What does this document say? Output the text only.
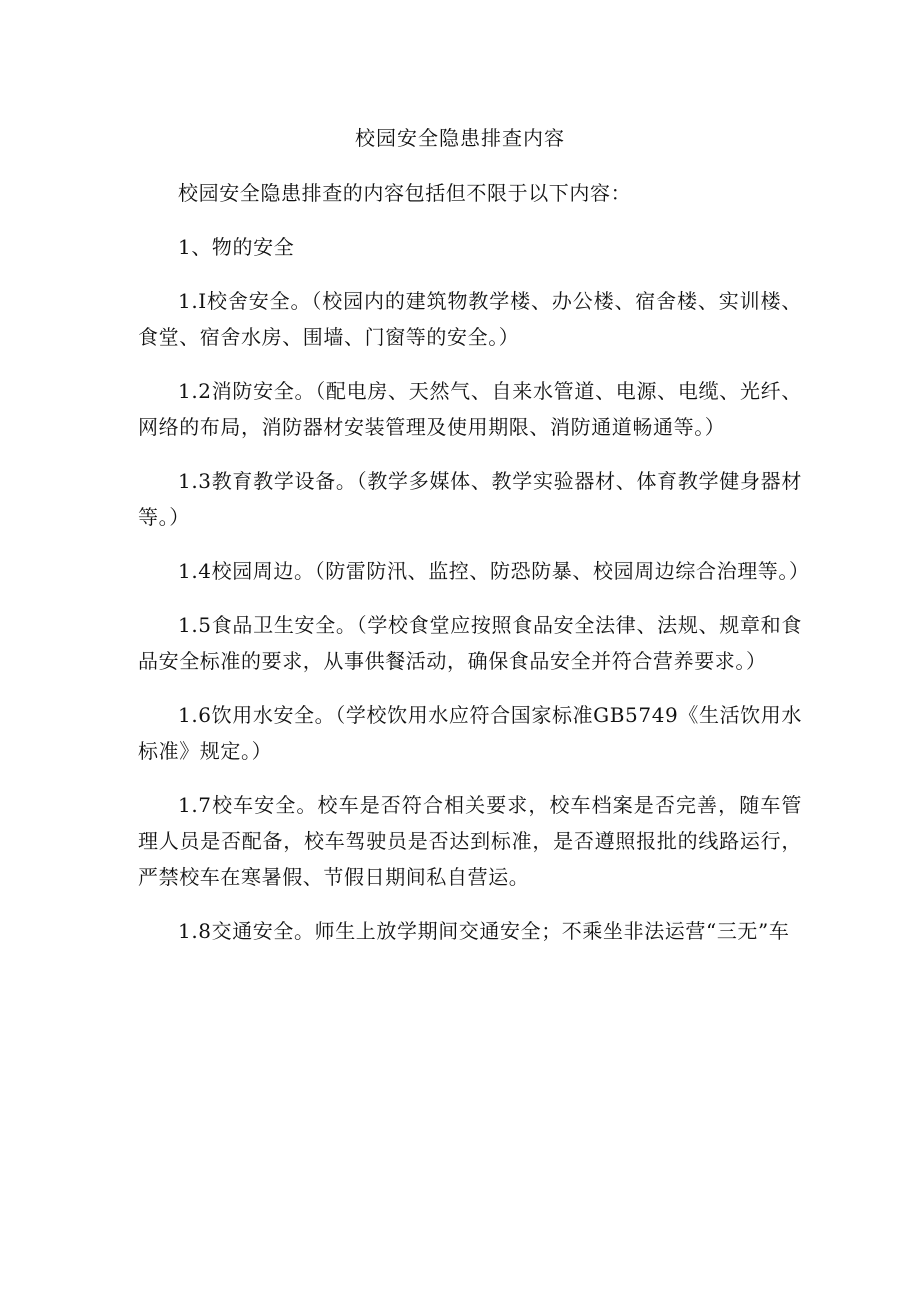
校园安全隐患排查内容

校园安全隐患排查的内容包括但不限于以下内容：

1、物的安全

1.I校舍安全。（校园内的建筑物教学楼、办公楼、宿舍楼、实训楼、食堂、宿舍水房、围墙、门窗等的安全。）

1.2消防安全。（配电房、天然气、自来水管道、电源、电缆、光纤、网络的布局，消防器材安装管理及使用期限、消防通道畅通等。）

1.3教育教学设备。（教学多媒体、教学实验器材、体育教学健身器材等。）

1.4校园周边。（防雷防汛、监控、防恐防暴、校园周边综合治理等。）

1.5食品卫生安全。（学校食堂应按照食品安全法律、法规、规章和食品安全标准的要求，从事供餐活动，确保食品安全并符合营养要求。）

1.6饮用水安全。（学校饮用水应符合国家标准GB5749《生活饮用水标准》规定。）

1.7校车安全。校车是否符合相关要求，校车档案是否完善，随车管理人员是否配备，校车驾驶员是否达到标准，是否遵照报批的线路运行，严禁校车在寒暑假、节假日期间私自营运。

1.8交通安全。师生上放学期间交通安全；不乘坐非法运营“三无”车
